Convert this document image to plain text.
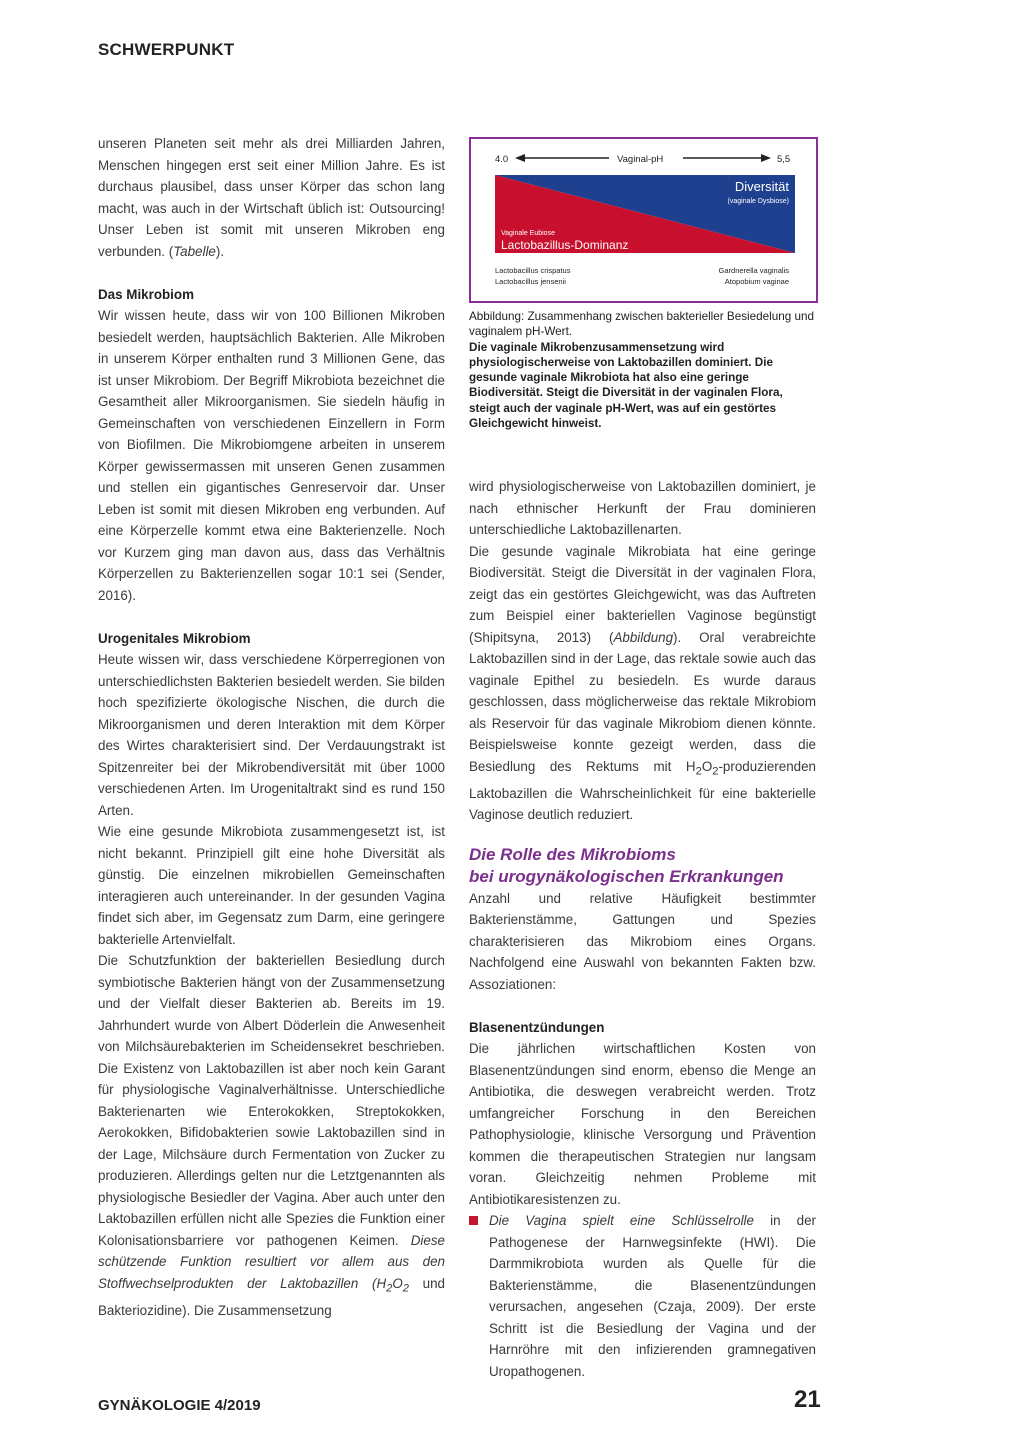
SCHWERPUNKT

unseren Planeten seit mehr als drei Milliarden Jahren, Menschen hingegen erst seit einer Million Jahre. Es ist durchaus plausibel, dass unser Körper das schon lang macht, was auch in der Wirtschaft üblich ist: Outsourcing! Unser Leben ist somit mit unseren Mikroben eng verbunden. (Tabelle).

Das Mikrobiom

Wir wissen heute, dass wir von 100 Billionen Mikroben besiedelt werden, hauptsächlich Bakterien. Alle Mikroben in unserem Körper enthalten rund 3 Millionen Gene, das ist unser Mikrobiom. Der Begriff Mikrobiota bezeichnet die Gesamtheit aller Mikroorganismen. Sie siedeln häufig in Gemeinschaften von verschiedenen Einzellern in Form von Biofilmen. Die Mikrobiomgene arbeiten in unserem Körper gewissermassen mit unseren Genen zusammen und stellen ein gigantisches Genreservoir dar. Unser Leben ist somit mit diesen Mikroben eng verbunden. Auf eine Körperzelle kommt etwa eine Bakterienzelle. Noch vor Kurzem ging man davon aus, dass das Verhältnis Körperzellen zu Bakterienzellen sogar 10:1 sei (Sender, 2016).

Urogenitales Mikrobiom

Heute wissen wir, dass verschiedene Körperregionen von unterschiedlichsten Bakterien besiedelt werden. Sie bilden hoch spezifizierte ökologische Nischen, die durch die Mikroorganismen und deren Interaktion mit dem Körper des Wirtes charakterisiert sind. Der Verdauungstrakt ist Spitzenreiter bei der Mikrobendiversität mit über 1000 verschiedenen Arten. Im Urogenitaltrakt sind es rund 150 Arten.

Wie eine gesunde Mikrobiota zusammengesetzt ist, ist nicht bekannt. Prinzipiell gilt eine hohe Diversität als günstig. Die einzelnen mikrobiellen Gemeinschaften interagieren auch untereinander. In der gesunden Vagina findet sich aber, im Gegensatz zum Darm, eine geringere bakterielle Artenvielfalt.

Die Schutzfunktion der bakteriellen Besiedlung durch symbiotische Bakterien hängt von der Zusammensetzung und der Vielfalt dieser Bakterien ab. Bereits im 19. Jahrhundert wurde von Albert Döderlein die Anwesenheit von Milchsäurebakterien im Scheidensekret beschrieben. Die Existenz von Laktobazillen ist aber noch kein Garant für physiologische Vaginalverhältnisse. Unterschiedliche Bakterienarten wie Enterokokken, Streptokokken, Aerokokken, Bifidobakterien sowie Laktobazillen sind in der Lage, Milchsäure durch Fermentation von Zucker zu produzieren. Allerdings gelten nur die Letztgenannten als physiologische Besiedler der Vagina. Aber auch unter den Laktobazillen erfüllen nicht alle Spezies die Funktion einer Kolonisationsbarriere vor pathogenen Keimen. Diese schützende Funktion resultiert vor allem aus den Stoffwechselprodukten der Laktobazillen ($H_2O_2$ und Bakteriozidine). Die Zusammensetzung

4.0	Vaginal-pH	5,5
Diversität
(vaginale Dysbiose)
Vaginale Eubiose
Lactobazillus-Dominanz
Lactobacillus crispatus
Lactobacillus jensenii
Gardnerella vaginalis
Atopobium vaginae

Abbildung: Zusammenhang zwischen bakterieller Besiedelung und vaginalem pH-Wert.

Die vaginale Mikrobenzusammensetzung wird physiologischerweise von Laktobazillen dominiert. Die gesunde vaginale Mikrobiota hat also eine geringe Biodiversität. Steigt die Diversität in der vaginalen Flora, steigt auch der vaginale pH-Wert, was auf ein gestörtes Gleichgewicht hinweist.

wird physiologischerweise von Laktobazillen dominiert, je nach ethnischer Herkunft der Frau dominieren unterschiedliche Laktobazillenarten.

Die gesunde vaginale Mikrobiata hat eine geringe Biodiversität. Steigt die Diversität in der vaginalen Flora, zeigt das ein gestörtes Gleichgewicht, was das Auftreten zum Beispiel einer bakteriellen Vaginose begünstigt (Shipitsyna, 2013) (Abbildung). Oral verabreichte Laktobazillen sind in der Lage, das rektale sowie auch das vaginale Epithel zu besiedeln. Es wurde daraus geschlossen, dass möglicherweise das rektale Mikrobiom als Reservoir für das vaginale Mikrobiom dienen könnte. Beispielsweise konnte gezeigt werden, dass die Besiedlung des Rektums mit $H_2O_2$-produzierenden Laktobazillen die Wahrscheinlichkeit für eine bakterielle Vaginose deutlich reduziert.

Die Rolle des Mikrobioms
bei urogynäkologischen Erkrankungen

Anzahl und relative Häufigkeit bestimmter Bakterienstämme, Gattungen und Spezies charakterisieren das Mikrobiom eines Organs. Nachfolgend eine Auswahl von bekannten Fakten bzw. Assoziationen:

Blasenentzündungen

Die jährlichen wirtschaftlichen Kosten von Blasenentzündungen sind enorm, ebenso die Menge an Antibiotika, die deswegen verabreicht werden. Trotz umfangreicher Forschung in den Bereichen Pathophysiologie, klinische Versorgung und Prävention kommen die therapeutischen Strategien nur langsam voran. Gleichzeitig nehmen Probleme mit Antibiotikaresistenzen zu.

Die Vagina spielt eine Schlüsselrolle in der Pathogenese der Harnwegsinfekte (HWI). Die Darmmikrobiota wurden als Quelle für die Bakterienstämme, die Blasenentzündungen verursachen, angesehen (Czaja, 2009). Der erste Schritt ist die Besiedlung der Vagina und der Harnröhre mit den infizierenden gramnegativen Uropathogenen.

GYNÄKOLOGIE 4/2019	21
